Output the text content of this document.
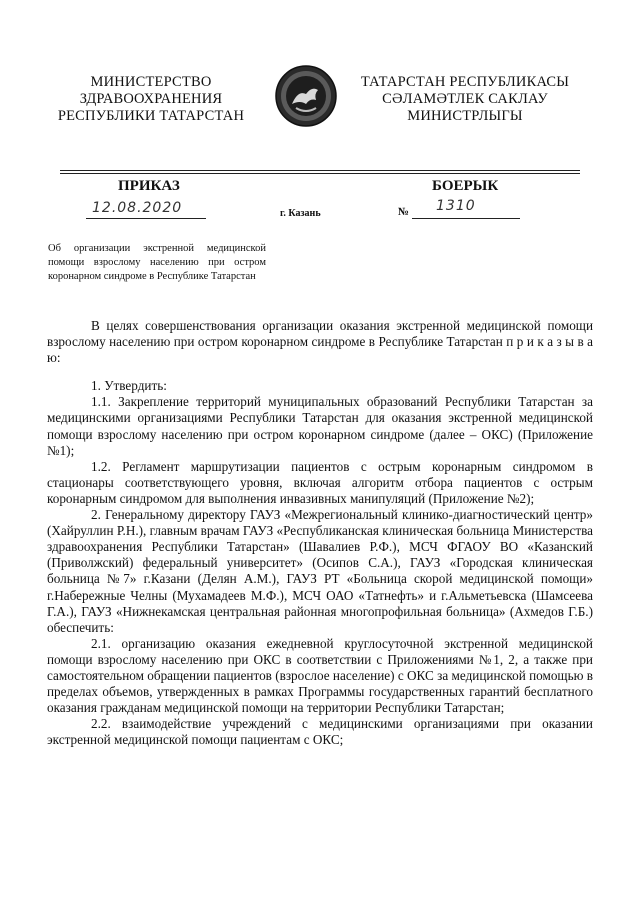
МИНИСТЕРСТВО
ЗДРАВООХРАНЕНИЯ
РЕСПУБЛИКИ ТАТАРСТАН
ТАТАРСТАН РЕСПУБЛИКАСЫ
СӘЛАМӘТЛЕК САКЛАУ
МИНИСТРЛЫГЫ
ПРИКАЗ	БОЕРЫК
12.08.2020	г. Казань	№ 1310
Об организации экстренной медицинской помощи взрослому населению при остром коронарном синдроме в Республике Татарстан

В целях совершенствования организации оказания экстренной медицинской помощи взрослому населению при остром коронарном синдроме в Республике Татарстан п р и к а з ы в а ю:

1. Утвердить:

1.1. Закрепление территорий муниципальных образований Республики Татарстан за медицинскими организациями Республики Татарстан для оказания экстренной медицинской помощи взрослому населению при остром коронарном синдроме (далее – ОКС) (Приложение №1);

1.2. Регламент маршрутизации пациентов с острым коронарным синдромом в стационары соответствующего уровня, включая алгоритм отбора пациентов с острым коронарным синдромом для выполнения инвазивных манипуляций (Приложение №2);

2. Генеральному директору ГАУЗ «Межрегиональный клинико-диагностический центр» (Хайруллин Р.Н.), главным врачам ГАУЗ «Республиканская клиническая больница Министерства здравоохранения Республики Татарстан» (Шавалиев Р.Ф.), МСЧ ФГАОУ ВО «Казанский (Приволжский) федеральный университет» (Осипов С.А.), ГАУЗ «Городская клиническая больница №7» г.Казани (Делян А.М.), ГАУЗ РТ «Больница скорой медицинской помощи» г.Набережные Челны (Мухамадеев М.Ф.), МСЧ ОАО «Татнефть» и г.Альметьевска (Шамсеева Г.А.), ГАУЗ «Нижнекамская центральная районная многопрофильная больница» (Ахмедов Г.Б.) обеспечить:

2.1. организацию оказания ежедневной круглосуточной экстренной медицинской помощи взрослому населению при ОКС в соответствии с Приложениями №1, 2, а также при самостоятельном обращении пациентов (взрослое население) с ОКС за медицинской помощью в пределах объемов, утвержденных в рамках Программы государственных гарантий бесплатного оказания гражданам медицинской помощи на территории Республики Татарстан;

2.2. взаимодействие учреждений с медицинскими организациями при оказании экстренной медицинской помощи пациентам с ОКС;
